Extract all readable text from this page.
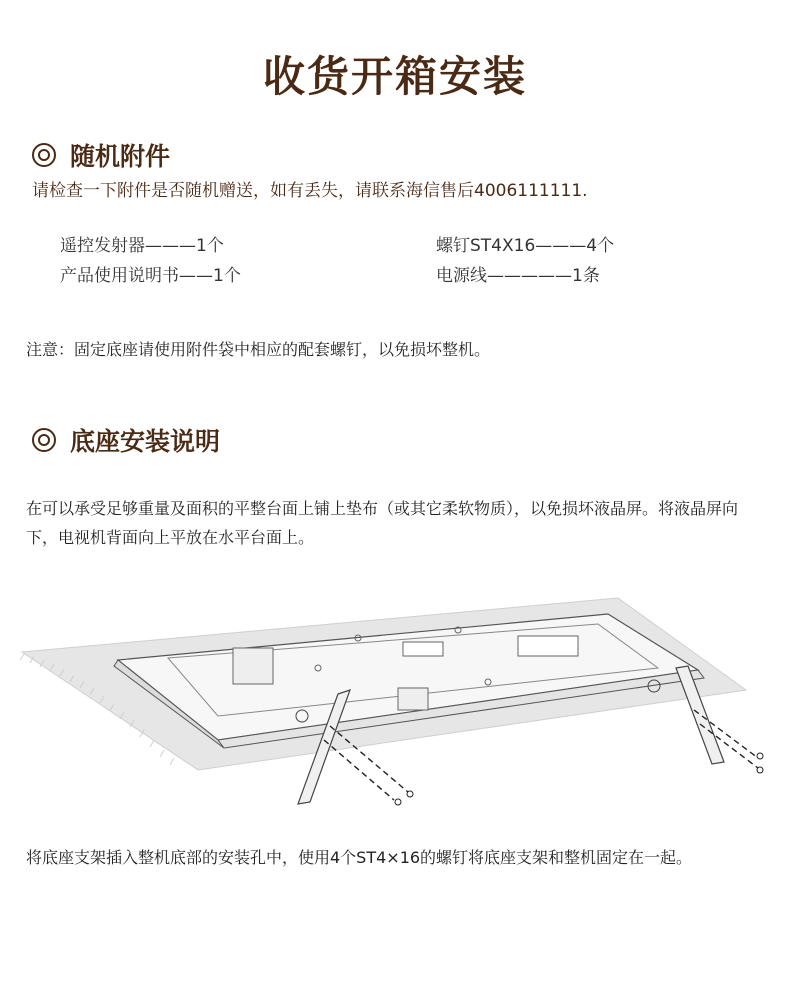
收货开箱安装
随机附件
请检查一下附件是否随机赠送，如有丢失，请联系海信售后4006111111.
遥控发射器———1个	螺钉ST4X16———4个
产品使用说明书——1个	电源线—————1条
注意：固定底座请使用附件袋中相应的配套螺钉，以免损坏整机。
底座安装说明
在可以承受足够重量及面积的平整台面上铺上垫布（或其它柔软物质），以免损坏液晶屏。将液晶屏向下，电视机背面向上平放在水平台面上。
将底座支架插入整机底部的安装孔中，使用4个ST4×16的螺钉将底座支架和整机固定在一起。
